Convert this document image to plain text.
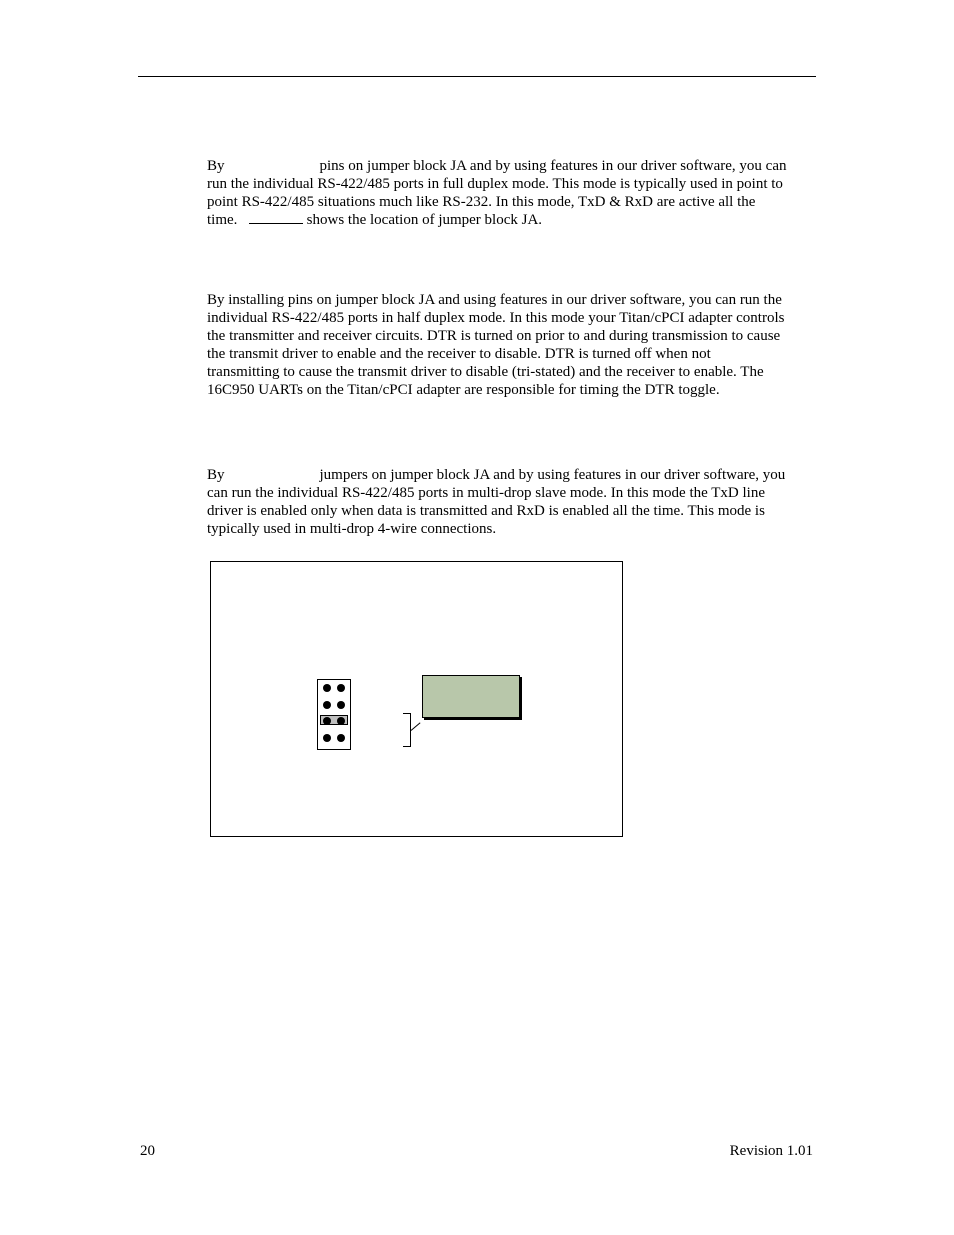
By	pins on jumper block JA and by using features in our driver software, you can
run the individual RS-422/485 ports in full duplex mode. This mode is typically used in point to
point RS-422/485 situations much like RS-232. In this mode, TxD & RxD are active all the
time.	shows the location of jumper block JA.

By installing pins on jumper block JA and using features in our driver software, you can run the
individual RS-422/485 ports in half duplex mode. In this mode your Titan/cPCI adapter controls
the transmitter and receiver circuits. DTR is turned on prior to and during transmission to cause
the transmit driver to enable and the receiver to disable. DTR is turned off when not
transmitting to cause the transmit driver to disable (tri-stated) and the receiver to enable. The
16C950 UARTs on the Titan/cPCI adapter are responsible for timing the DTR toggle.

By	jumpers on jumper block JA and by using features in our driver software, you
can run the individual RS-422/485 ports in multi-drop slave mode. In this mode the TxD line
driver is enabled only when data is transmitted and RxD is enabled all the time. This mode is
typically used in multi-drop 4-wire connections.

20	Revision 1.01
